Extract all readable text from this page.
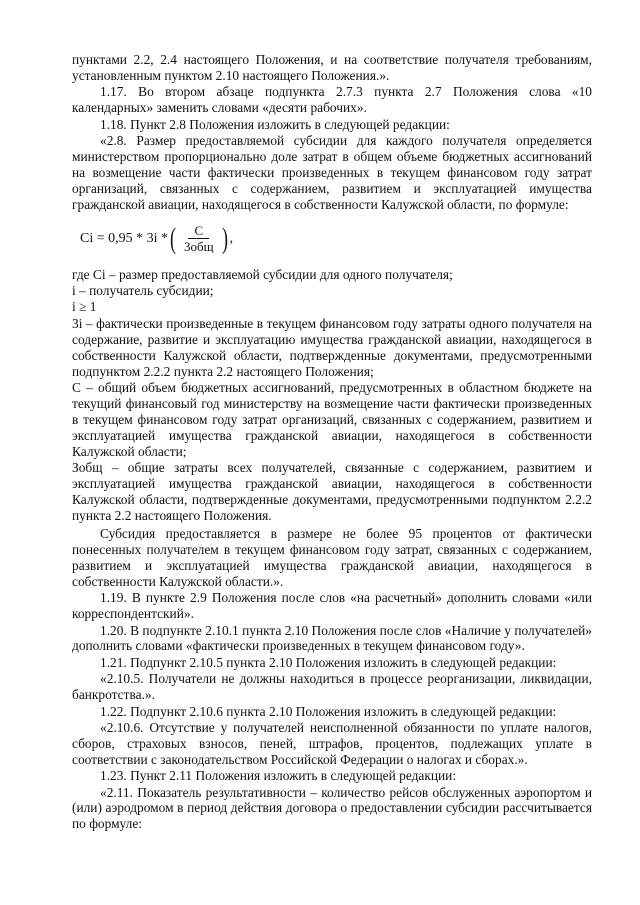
пунктами 2.2, 2.4 настоящего Положения, и на соответствие получателя требованиям, установленным пунктом 2.10 настоящего Положения.».

1.17. Во втором абзаце подпункта 2.7.3 пункта 2.7 Положения слова «10 календарных» заменить словами «десяти рабочих».

1.18. Пункт 2.8 Положения изложить в следующей редакции:

«2.8. Размер предоставляемой субсидии для каждого получателя определяется министерством пропорционально доле затрат в общем объеме бюджетных ассигнований на возмещение части фактически произведенных в текущем финансовом году затрат организаций, связанных с содержанием, развитием и эксплуатацией имущества гражданской авиации, находящегося в собственности Калужской области, по формуле:

Ci = 0,95 * 3i * ( $\frac{C}{\text{3общ}}$ ) ,

где Ci – размер предоставляемой субсидии для одного получателя;

i – получатель субсидии;

i ≥ 1

3i – фактически произведенные в текущем финансовом году затраты одного получателя на содержание, развитие и эксплуатацию имущества гражданской авиации, находящегося в собственности Калужской области, подтвержденные документами, предусмотренными подпунктом 2.2.2 пункта 2.2 настоящего Положения;

С – общий объем бюджетных ассигнований, предусмотренных в областном бюджете на текущий финансовый год министерству на возмещение части фактически произведенных в текущем финансовом году затрат организаций, связанных с содержанием, развитием и эксплуатацией имущества гражданской авиации, находящегося в собственности Калужской области;

Зобщ – общие затраты всех получателей, связанные с содержанием, развитием и эксплуатацией имущества гражданской авиации, находящегося в собственности Калужской области, подтвержденные документами, предусмотренными подпунктом 2.2.2 пункта 2.2 настоящего Положения.

Субсидия предоставляется в размере не более 95 процентов от фактически понесенных получателем в текущем финансовом году затрат, связанных с содержанием, развитием и эксплуатацией имущества гражданской авиации, находящегося в собственности Калужской области.».

1.19. В пункте 2.9 Положения после слов «на расчетный» дополнить словами «или корреспондентский».

1.20. В подпункте 2.10.1 пункта 2.10 Положения после слов «Наличие у получателей» дополнить словами «фактически произведенных в текущем финансовом году».

1.21. Подпункт 2.10.5 пункта 2.10 Положения изложить в следующей редакции:

«2.10.5. Получатели не должны находиться в процессе реорганизации, ликвидации, банкротства.».

1.22. Подпункт 2.10.6 пункта 2.10 Положения изложить в следующей редакции:

«2.10.6. Отсутствие у получателей неисполненной обязанности по уплате налогов, сборов, страховых взносов, пеней, штрафов, процентов, подлежащих уплате в соответствии с законодательством Российской Федерации о налогах и сборах.».

1.23. Пункт 2.11 Положения изложить в следующей редакции:

«2.11. Показатель результативности – количество рейсов обслуженных аэропортом и (или) аэродромом в период действия договора о предоставлении субсидии рассчитывается по формуле:
